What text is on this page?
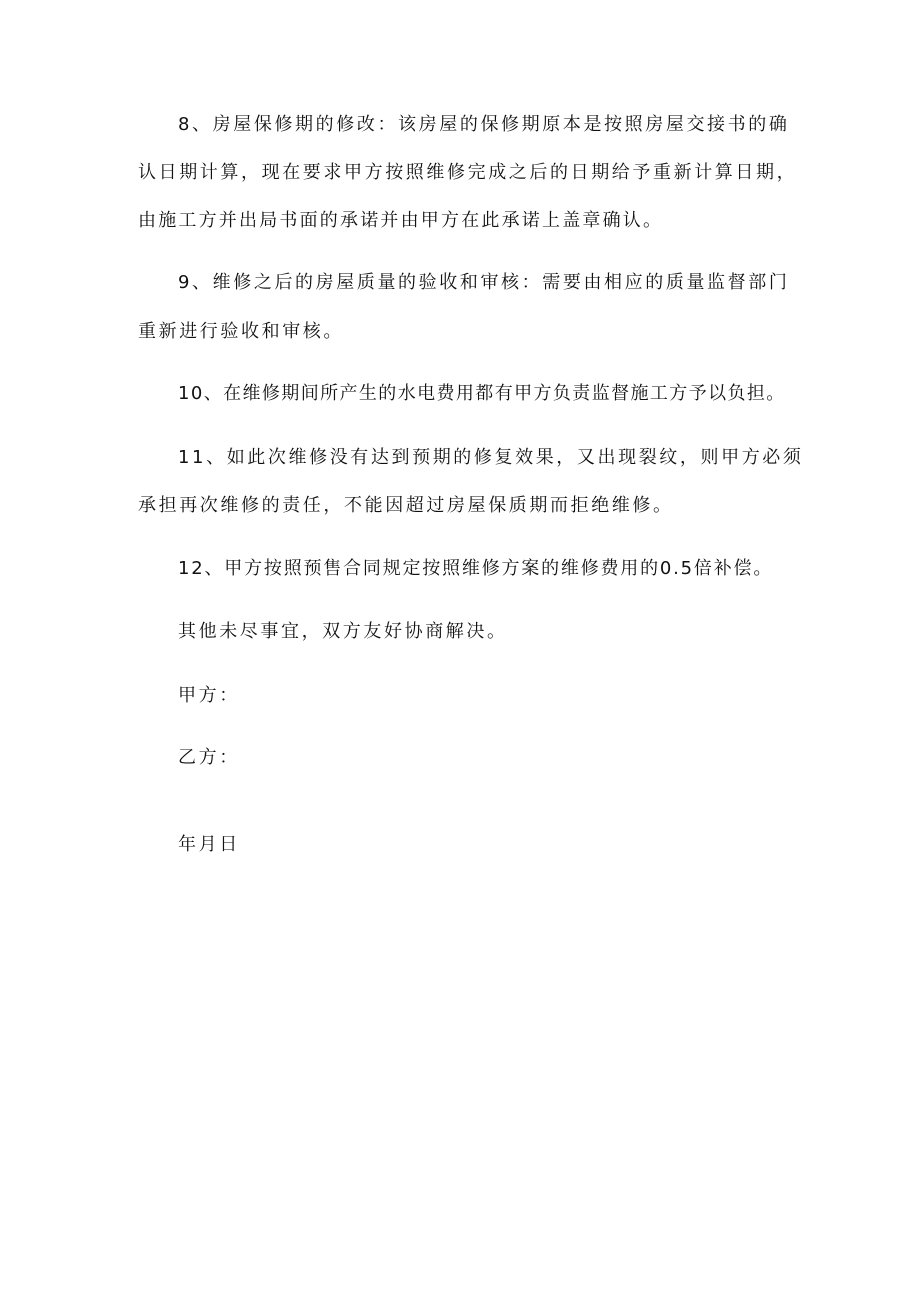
8、房屋保修期的修改：该房屋的保修期原本是按照房屋交接书的确
认日期计算，现在要求甲方按照维修完成之后的日期给予重新计算日期，
由施工方并出局书面的承诺并由甲方在此承诺上盖章确认。
9、维修之后的房屋质量的验收和审核：需要由相应的质量监督部门
重新进行验收和审核。
10、在维修期间所产生的水电费用都有甲方负责监督施工方予以负担。
11、如此次维修没有达到预期的修复效果，又出现裂纹，则甲方必须
承担再次维修的责任，不能因超过房屋保质期而拒绝维修。
12、甲方按照预售合同规定按照维修方案的维修费用的0.5倍补偿。
其他未尽事宜，双方友好协商解决。
甲方：
乙方：
年月日
